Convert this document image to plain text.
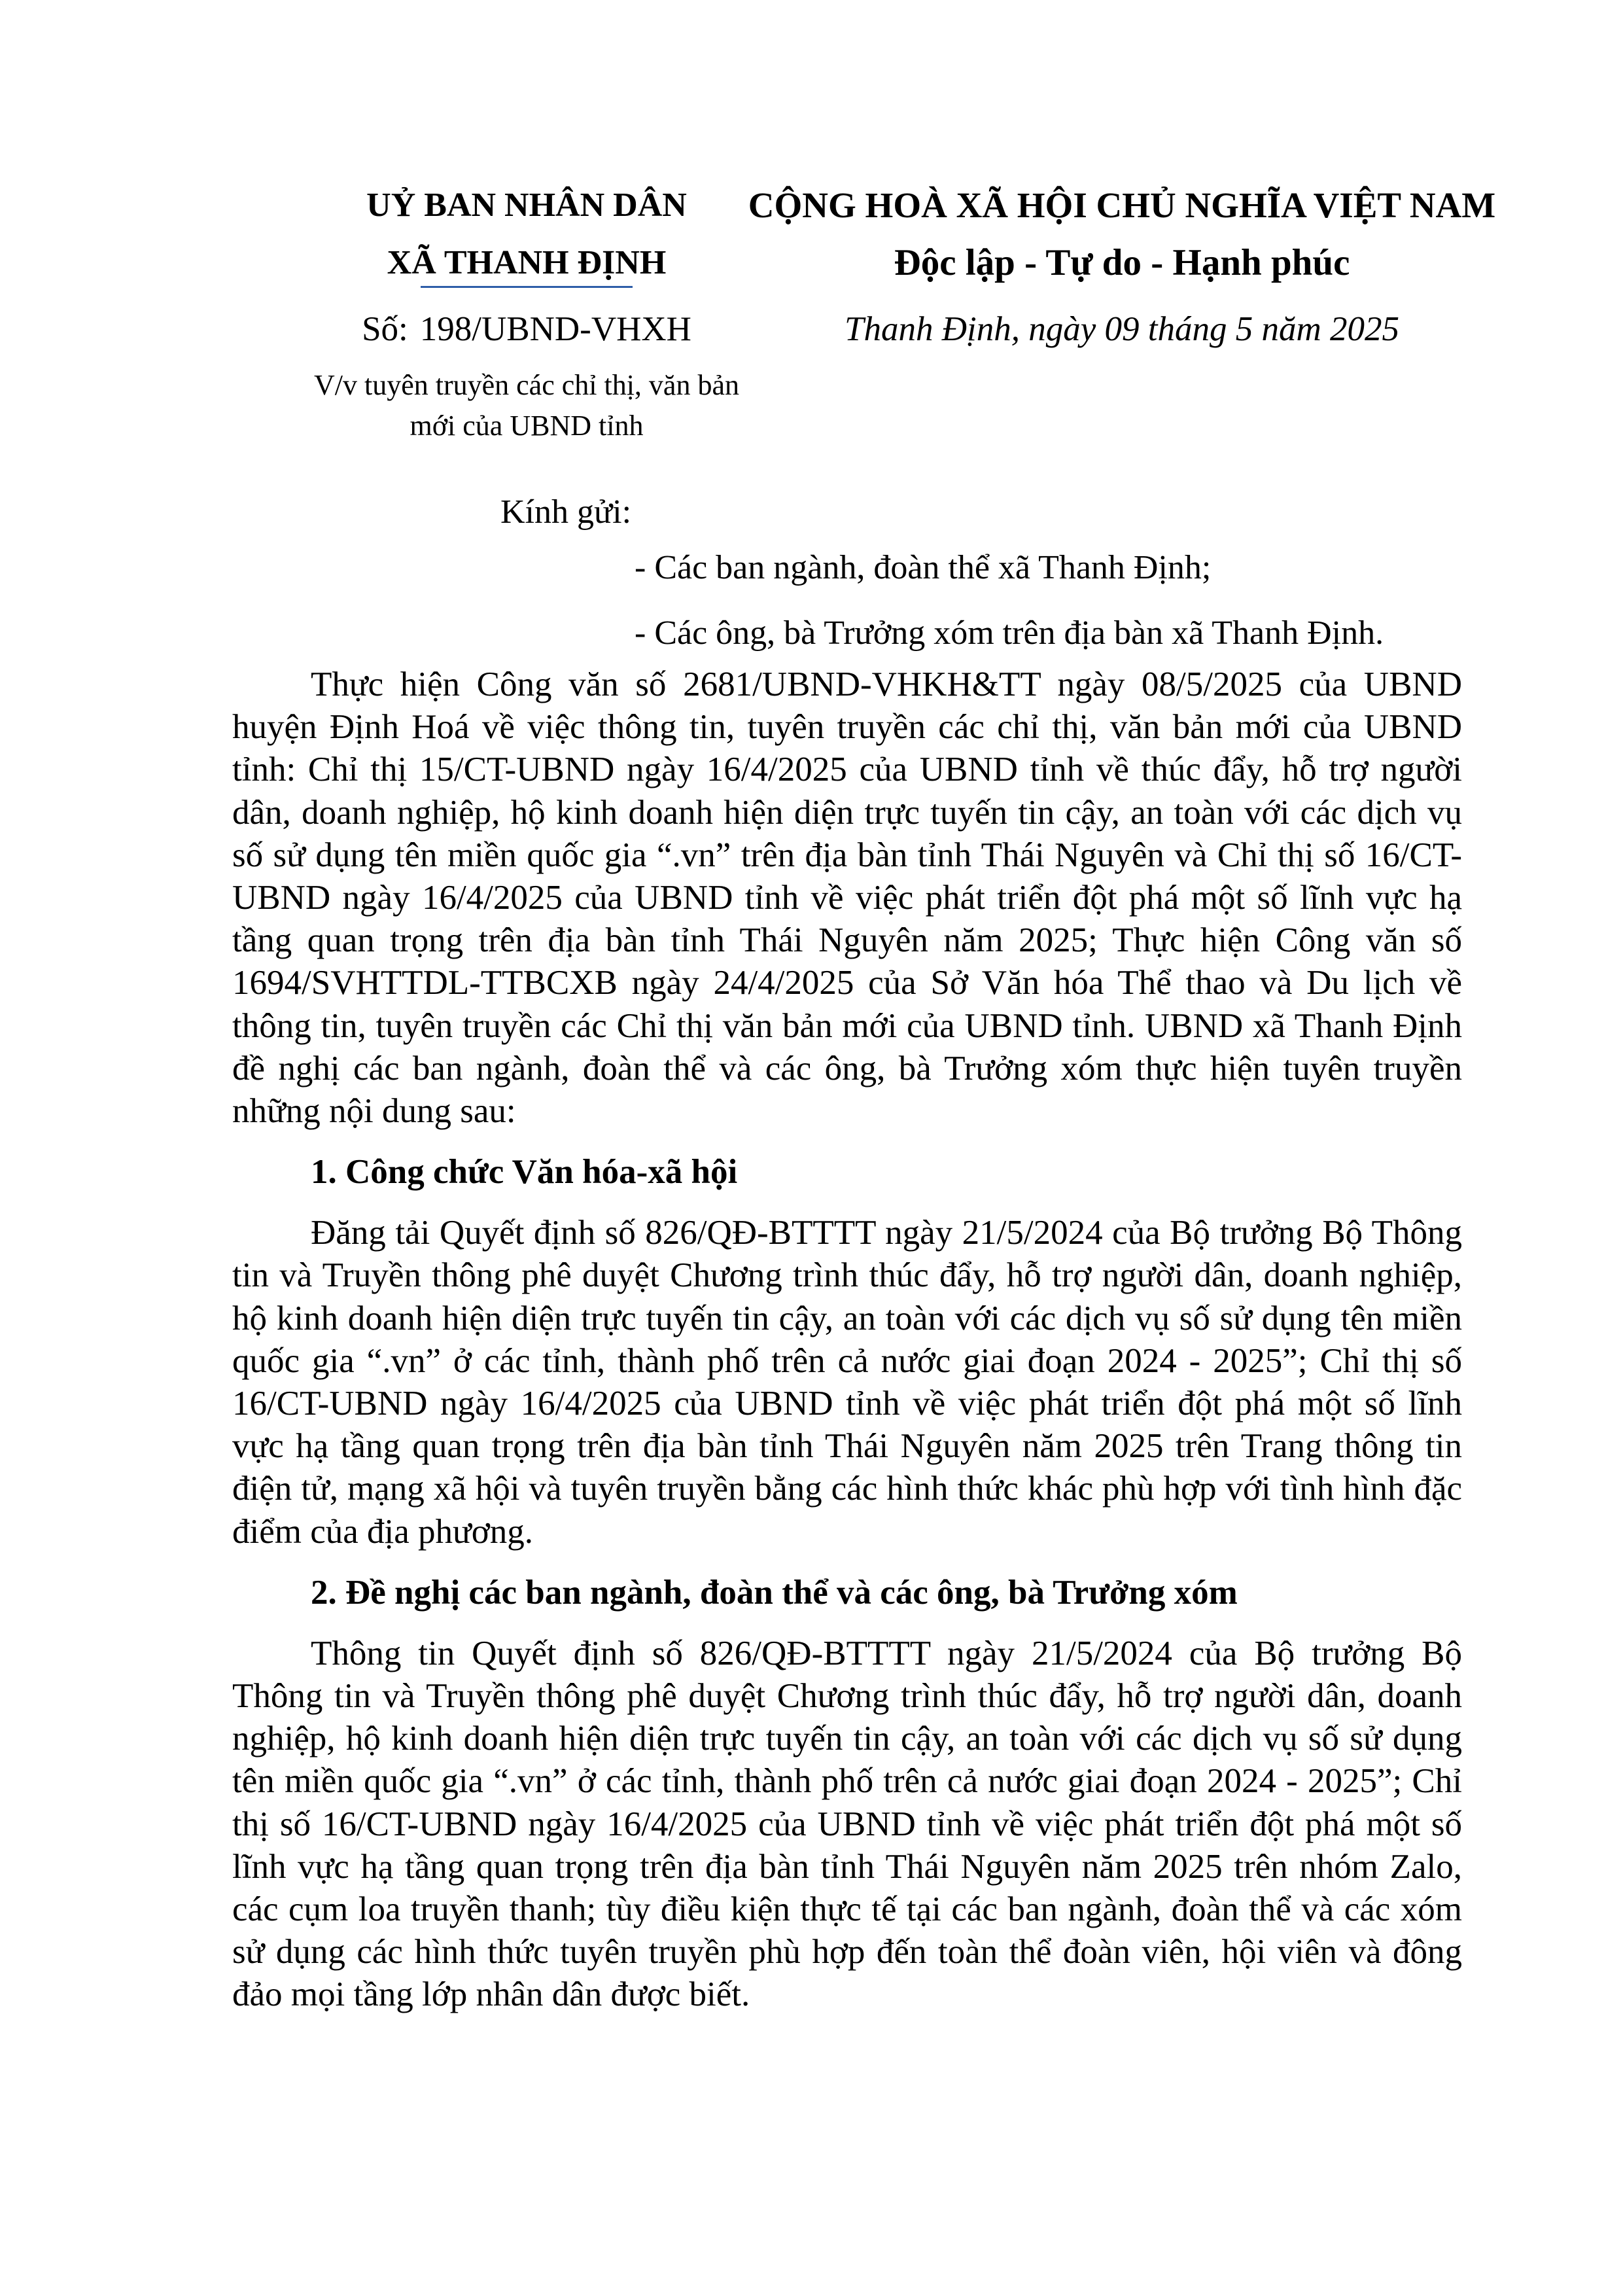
UỶ BAN NHÂN DÂN
XÃ THANH ĐỊNH
CỘNG HOÀ XÃ HỘI CHỦ NGHĨA VIỆT NAM
Độc lập - Tự do - Hạnh phúc
Số: 198/UBND-VHXH
V/v tuyên truyền các chỉ thị, văn bản
mới của UBND tỉnh
Thanh Định, ngày 09 tháng 5 năm 2025
Kính gửi:
- Các ban ngành, đoàn thể xã Thanh Định;
- Các ông, bà Trưởng xóm trên địa bàn xã Thanh Định.

Thực hiện Công văn số 2681/UBND-VHKH&TT ngày 08/5/2025 của UBND huyện Định Hoá về việc thông tin, tuyên truyền các chỉ thị, văn bản mới của UBND tỉnh: Chỉ thị 15/CT-UBND ngày 16/4/2025 của UBND tỉnh về thúc đẩy, hỗ trợ người dân, doanh nghiệp, hộ kinh doanh hiện diện trực tuyến tin cậy, an toàn với các dịch vụ số sử dụng tên miền quốc gia “.vn” trên địa bàn tỉnh Thái Nguyên và Chỉ thị số 16/CT-UBND ngày 16/4/2025 của UBND tỉnh về việc phát triển đột phá một số lĩnh vực hạ tầng quan trọng trên địa bàn tỉnh Thái Nguyên năm 2025; Thực hiện Công văn số 1694/SVHTTDL-TTBCXB ngày 24/4/2025 của Sở Văn hóa Thể thao và Du lịch về thông tin, tuyên truyền các Chỉ thị văn bản mới của UBND tỉnh. UBND xã Thanh Định đề nghị các ban ngành, đoàn thể và các ông, bà Trưởng xóm thực hiện tuyên truyền những nội dung sau:

1. Công chức Văn hóa-xã hội

Đăng tải Quyết định số 826/QĐ-BTTTT ngày 21/5/2024 của Bộ trưởng Bộ Thông tin và Truyền thông phê duyệt Chương trình thúc đẩy, hỗ trợ người dân, doanh nghiệp, hộ kinh doanh hiện diện trực tuyến tin cậy, an toàn với các dịch vụ số sử dụng tên miền quốc gia “.vn” ở các tỉnh, thành phố trên cả nước giai đoạn 2024 - 2025”; Chỉ thị số 16/CT-UBND ngày 16/4/2025 của UBND tỉnh về việc phát triển đột phá một số lĩnh vực hạ tầng quan trọng trên địa bàn tỉnh Thái Nguyên năm 2025 trên Trang thông tin điện tử, mạng xã hội và tuyên truyền bằng các hình thức khác phù hợp với tình hình đặc điểm của địa phương.

2. Đề nghị các ban ngành, đoàn thể và các ông, bà Trưởng xóm

Thông tin Quyết định số 826/QĐ-BTTTT ngày 21/5/2024 của Bộ trưởng Bộ Thông tin và Truyền thông phê duyệt Chương trình thúc đẩy, hỗ trợ người dân, doanh nghiệp, hộ kinh doanh hiện diện trực tuyến tin cậy, an toàn với các dịch vụ số sử dụng tên miền quốc gia “.vn” ở các tỉnh, thành phố trên cả nước giai đoạn 2024 - 2025”; Chỉ thị số 16/CT-UBND ngày 16/4/2025 của UBND tỉnh về việc phát triển đột phá một số lĩnh vực hạ tầng quan trọng trên địa bàn tỉnh Thái Nguyên năm 2025 trên nhóm Zalo, các cụm loa truyền thanh; tùy điều kiện thực tế tại các ban ngành, đoàn thể và các xóm sử dụng các hình thức tuyên truyền phù hợp đến toàn thể đoàn viên, hội viên và đông đảo mọi tầng lớp nhân dân được biết.
